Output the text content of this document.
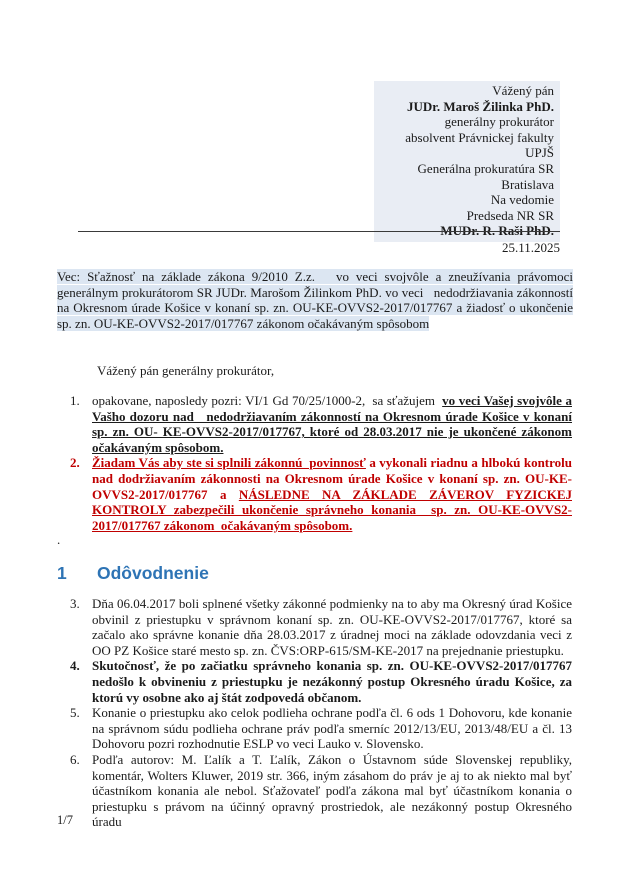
Vážený pán
JUDr. Maroš Žilinka PhD.
generálny prokurátor
absolvent Právnickej fakulty UPJŠ
Generálna prokuratúra SR
Bratislava
Na vedomie
Predseda NR SR
MUDr. R. Raši PhD.
25.11.2025
Vec: Sťažnosť na základe zákona 9/2010 Z.z.   vo veci svojvôle a zneužívania právomoci generálnym prokurátorom SR JUDr. Marošom Žilinkom PhD. vo veci   nedodržiavania zákonností na Okresnom úrade Košice v konaní sp. zn. OU-KE-OVVS2-2017/017767 a žiadosť o ukončenie sp. zn. OU-KE-OVVS2-2017/017767 zákonom očakávaným spôsobom
Vážený pán generálny prokurátor,
1. opakovane, naposledy pozri: VI/1 Gd 70/25/1000-2,  sa sťažujem  vo veci Vašej svojvôle a Vašho dozoru nad   nedodržiavaním zákonností na Okresnom úrade Košice v konaní sp. zn. OU- KE-OVVS2-2017/017767, ktoré od 28.03.2017 nie je ukončené zákonom očakávaným spôsobom.
2. Žiadam Vás aby ste si splnili zákonnú  povinnosť a vykonali riadnu a hlbokú kontrolu nad dodržiavaním zákonnosti na Okresnom úrade Košice v konaní sp. zn. OU-KE-OVVS2-2017/017767 a NÁSLEDNE NA ZÁKLADE ZÁVEROV FYZICKEJ KONTROLY zabezpečili ukončenie správneho konania  sp. zn. OU-KE-OVVS2-2017/017767 zákonom  očakávaným spôsobom.
.
1 Odôvodnenie
3. Dňa 06.04.2017 boli splnené všetky zákonné podmienky na to aby ma Okresný úrad Košice obvinil z priestupku v správnom konaní sp. zn. OU-KE-OVVS2-2017/017767, ktoré sa začalo ako správne konanie dňa 28.03.2017 z úradnej moci na základe odovzdania veci z OO PZ Košice staré mesto sp. zn. ČVS:ORP-615/SM-KE-2017 na prejednanie priestupku.
4. Skutočnosť, že po začiatku správneho konania sp. zn. OU-KE-OVVS2-2017/017767 nedošlo k obvineniu z priestupku je nezákonný postup Okresného úradu Košice, za ktorú vy osobne ako aj štát zodpovedá občanom.
5. Konanie o priestupku ako celok podlieha ochrane podľa čl. 6 ods 1 Dohovoru, kde konanie na správnom súdu podlieha ochrane práv podľa smerníc 2012/13/EU, 2013/48/EU a čl. 13 Dohovoru pozri rozhodnutie ESLP vo veci Lauko v. Slovensko.
6. Podľa autorov: M. Ľalík a T. Ľalík, Zákon o Ústavnom súde Slovenskej republiky, komentár, Wolters Kluwer, 2019 str. 366, iným zásahom do práv je aj to ak niekto mal byť účastníkom konania ale nebol. Sťažovateľ podľa zákona mal byť účastníkom konania o priestupku s právom na účinný opravný prostriedok, ale nezákonný postup Okresného úradu
1/7
